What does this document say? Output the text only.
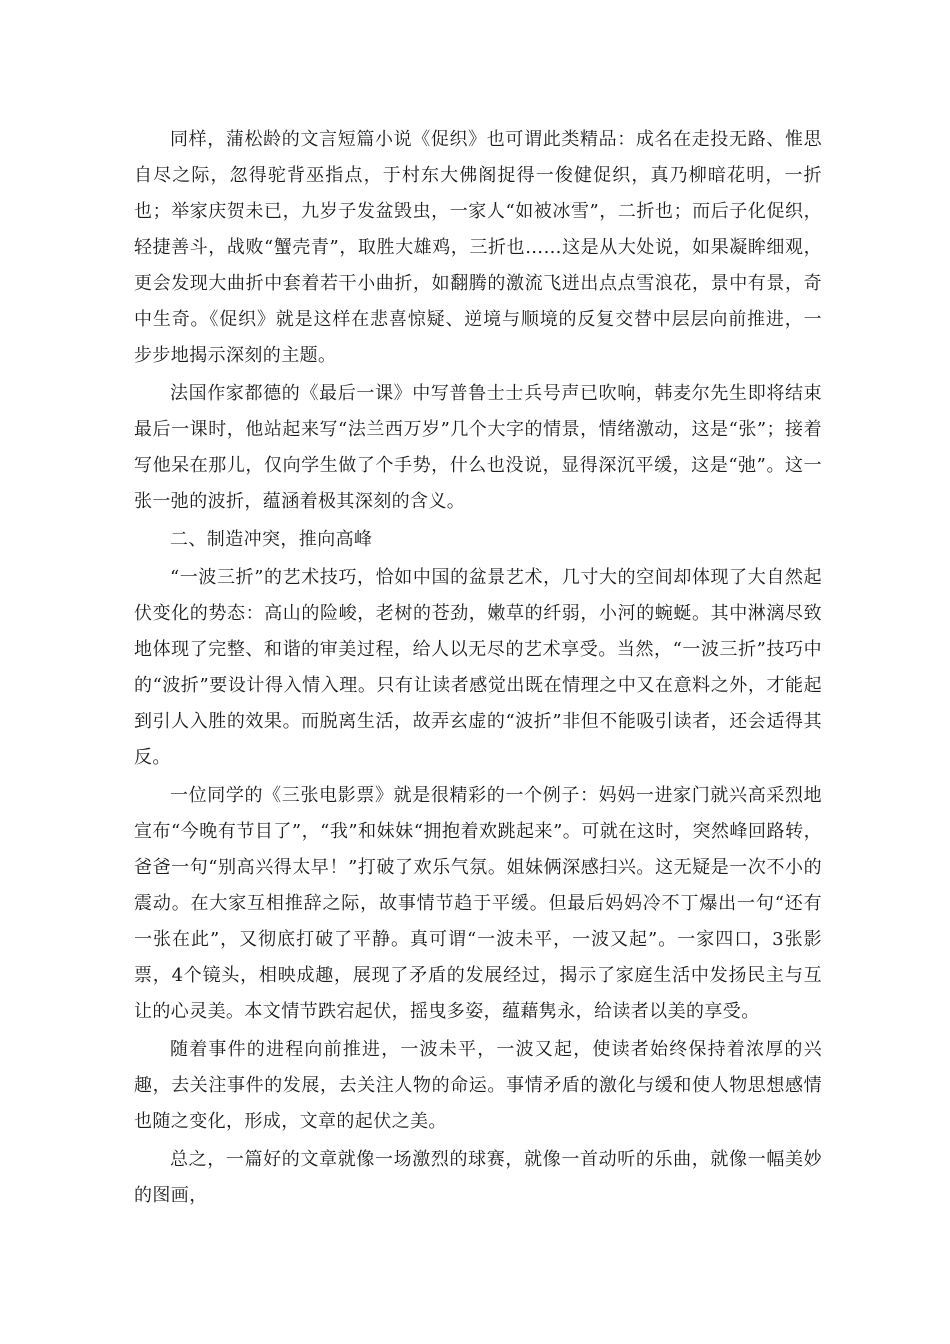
同样，蒲松龄的文言短篇小说《促织》也可谓此类精品：成名在走投无路、惟思自尽之际，忽得驼背巫指点，于村东大佛阁捉得一俊健促织，真乃柳暗花明，一折也；举家庆贺未已，九岁子发盆毁虫，一家人“如被冰雪”，二折也；而后子化促织，轻捷善斗，战败“蟹壳青”，取胜大雄鸡，三折也……这是从大处说，如果凝眸细观，更会发现大曲折中套着若干小曲折，如翻腾的激流飞迸出点点雪浪花，景中有景，奇中生奇。《促织》就是这样在悲喜惊疑、逆境与顺境的反复交替中层层向前推进，一步步地揭示深刻的主题。

法国作家都德的《最后一课》中写普鲁士士兵号声已吹响，韩麦尔先生即将结束最后一课时，他站起来写“法兰西万岁”几个大字的情景，情绪激动，这是“张”；接着写他呆在那儿，仅向学生做了个手势，什么也没说，显得深沉平缓，这是“弛”。这一张一弛的波折，蕴涵着极其深刻的含义。

二、制造冲突，推向高峰

“一波三折”的艺术技巧，恰如中国的盆景艺术，几寸大的空间却体现了大自然起伏变化的势态：高山的险峻，老树的苍劲，嫩草的纤弱，小河的蜿蜒。其中淋漓尽致地体现了完整、和谐的审美过程，给人以无尽的艺术享受。当然，“一波三折”技巧中的“波折”要设计得入情入理。只有让读者感觉出既在情理之中又在意料之外，才能起到引人入胜的效果。而脱离生活，故弄玄虚的“波折”非但不能吸引读者，还会适得其反。

一位同学的《三张电影票》就是很精彩的一个例子：妈妈一进家门就兴高采烈地宣布“今晚有节目了”，“我”和妹妹“拥抱着欢跳起来”。可就在这时，突然峰回路转，爸爸一句“别高兴得太早！”打破了欢乐气氛。姐妹俩深感扫兴。这无疑是一次不小的震动。在大家互相推辞之际，故事情节趋于平缓。但最后妈妈冷不丁爆出一句“还有一张在此”，又彻底打破了平静。真可谓“一波未平，一波又起”。一家四口，3张影票，4个镜头，相映成趣，展现了矛盾的发展经过，揭示了家庭生活中发扬民主与互让的心灵美。本文情节跌宕起伏，摇曳多姿，蕴藉隽永，给读者以美的享受。

随着事件的进程向前推进，一波未平，一波又起，使读者始终保持着浓厚的兴趣，去关注事件的发展，去关注人物的命运。事情矛盾的激化与缓和使人物思想感情也随之变化，形成，文章的起伏之美。

总之，一篇好的文章就像一场激烈的球赛，就像一首动听的乐曲，就像一幅美妙的图画，
